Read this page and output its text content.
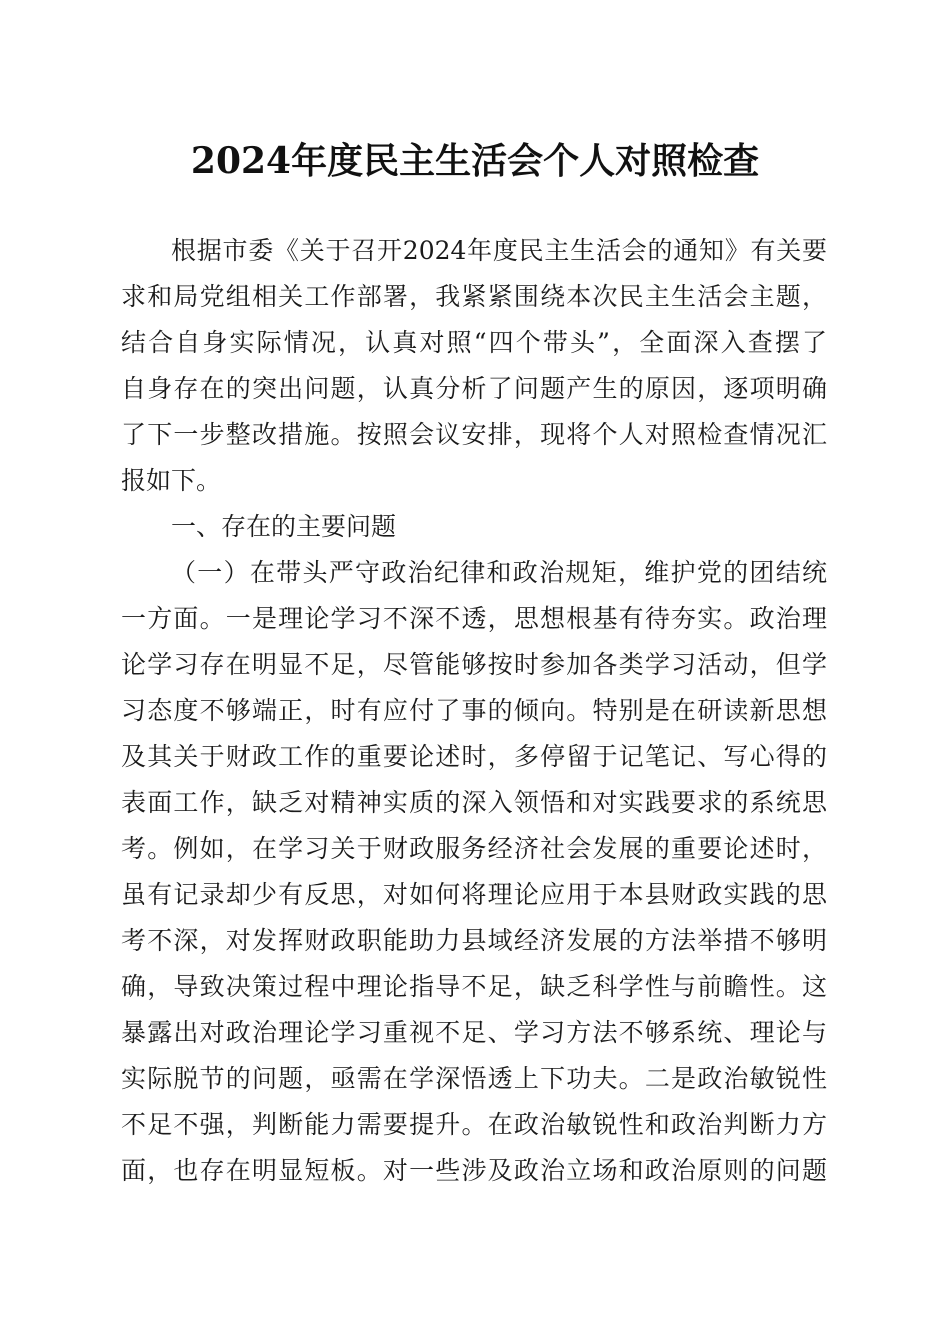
2024年度民主生活会个人对照检查
根据市委《关于召开2024年度民主生活会的通知》有关要
求和局党组相关工作部署，我紧紧围绕本次民主生活会主题，
结合自身实际情况，认真对照“四个带头”，全面深入查摆了
自身存在的突出问题，认真分析了问题产生的原因，逐项明确
了下一步整改措施。按照会议安排，现将个人对照检查情况汇
报如下。
一、存在的主要问题
（一）在带头严守政治纪律和政治规矩，维护党的团结统
一方面。一是理论学习不深不透，思想根基有待夯实。政治理
论学习存在明显不足，尽管能够按时参加各类学习活动，但学
习态度不够端正，时有应付了事的倾向。特别是在研读新思想
及其关于财政工作的重要论述时，多停留于记笔记、写心得的
表面工作，缺乏对精神实质的深入领悟和对实践要求的系统思
考。例如，在学习关于财政服务经济社会发展的重要论述时，
虽有记录却少有反思，对如何将理论应用于本县财政实践的思
考不深，对发挥财政职能助力县域经济发展的方法举措不够明
确，导致决策过程中理论指导不足，缺乏科学性与前瞻性。这
暴露出对政治理论学习重视不足、学习方法不够系统、理论与
实际脱节的问题，亟需在学深悟透上下功夫。二是政治敏锐性
不足不强，判断能力需要提升。在政治敏锐性和政治判断力方
面，也存在明显短板。对一些涉及政治立场和政治原则的问题
